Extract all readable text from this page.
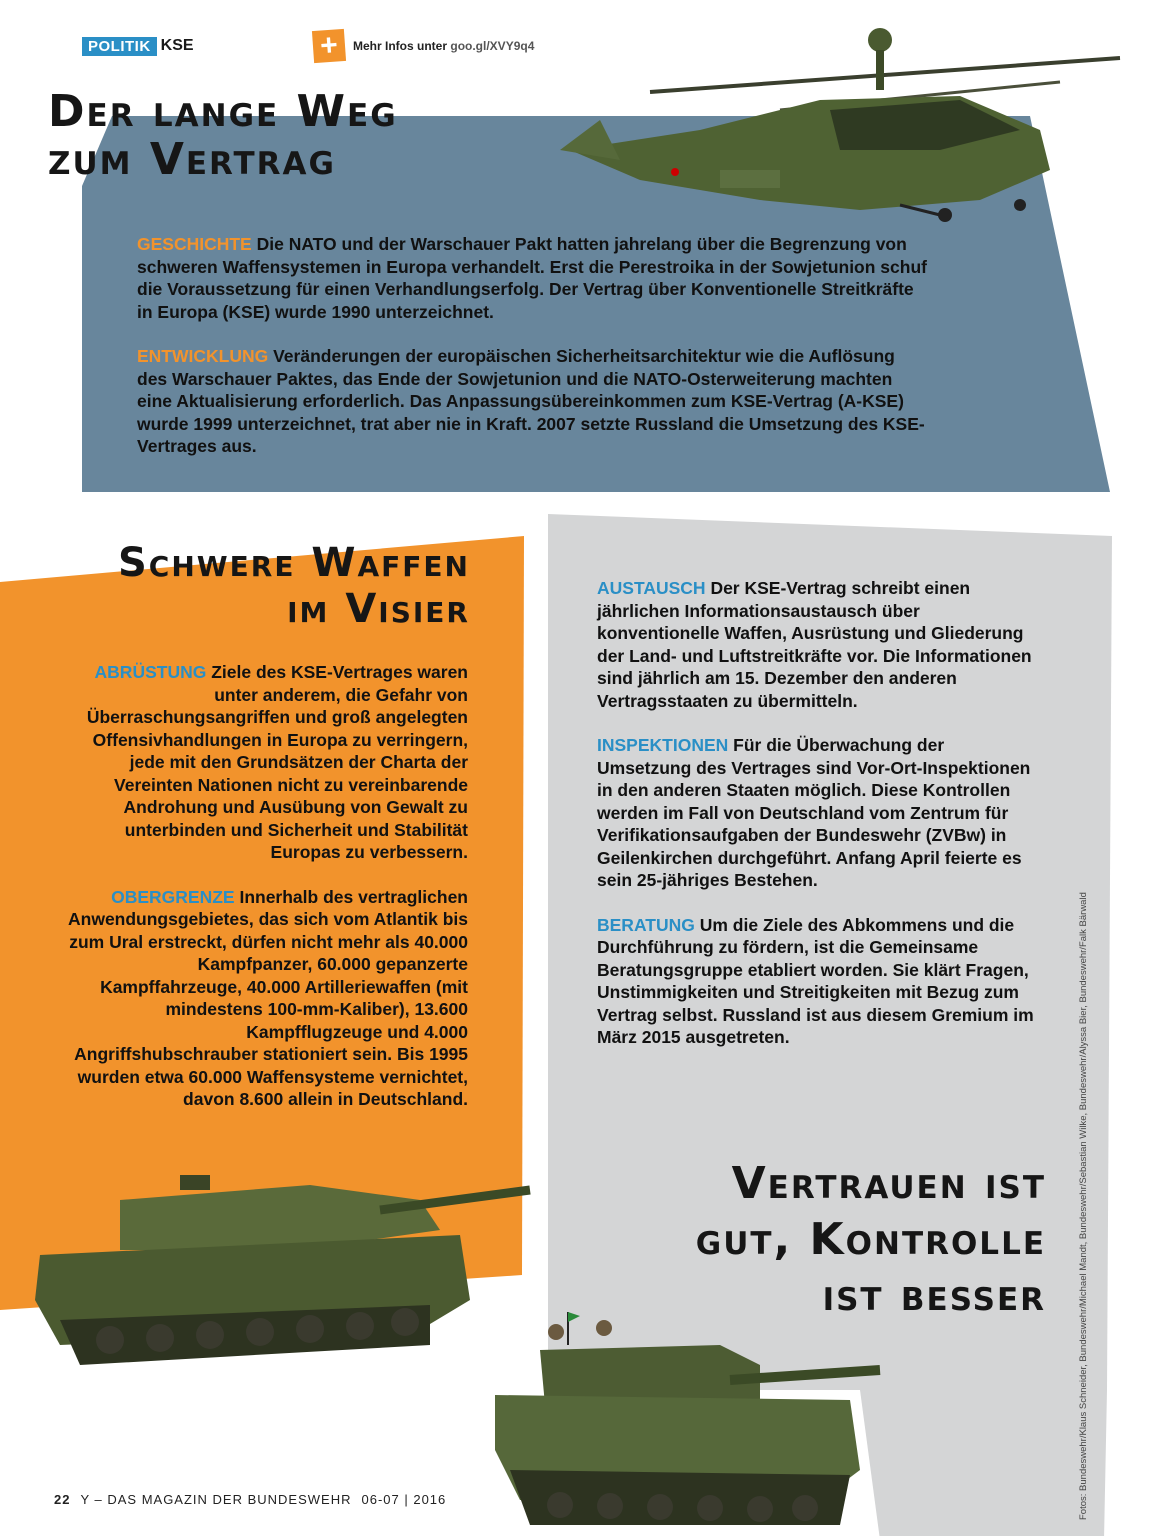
POLITIK KSE	+ Mehr Infos unter goo.gl/XVY9q4
Der lange Weg
zum Vertrag

GESCHICHTE Die NATO und der Warschauer Pakt hatten jahrelang über die Begrenzung von schweren Waffensystemen in Europa verhandelt. Erst die Perestroika in der Sowjetunion schuf die Voraussetzung für einen Verhandlungserfolg. Der Vertrag über Konventionelle Streitkräfte in Europa (KSE) wurde 1990 unterzeichnet.

ENTWICKLUNG Veränderungen der europäischen Sicherheitsarchitektur wie die Auflösung des Warschauer Paktes, das Ende der Sowjetunion und die NATO-Osterweiterung machten eine Aktualisierung erforderlich. Das Anpassungsübereinkommen zum KSE-Vertrag (A-KSE) wurde 1999 unterzeichnet, trat aber nie in Kraft. 2007 setzte Russland die Umsetzung des KSE-Vertrages aus.

Schwere Waffen
im Visier

ABRÜSTUNG Ziele des KSE-Vertrages waren unter anderem, die Gefahr von Überraschungsangriffen und groß angelegten Offensivhandlungen in Europa zu verringern, jede mit den Grundsätzen der Charta der Vereinten Nationen nicht zu vereinbarende Androhung und Ausübung von Gewalt zu unterbinden und Sicherheit und Stabilität Europas zu verbessern.

OBERGRENZE Innerhalb des vertraglichen Anwendungsgebietes, das sich vom Atlantik bis zum Ural erstreckt, dürfen nicht mehr als 40.000 Kampfpanzer, 60.000 gepanzerte Kampffahrzeuge, 40.000 Artilleriewaffen (mit mindestens 100-mm-Kaliber), 13.600 Kampfflugzeuge und 4.000 Angriffshubschrauber stationiert sein. Bis 1995 wurden etwa 60.000 Waffensysteme vernichtet, davon 8.600 allein in Deutschland.

AUSTAUSCH Der KSE-Vertrag schreibt einen jährlichen Informationsaustausch über konventionelle Waffen, Ausrüstung und Gliederung der Land- und Luftstreitkräfte vor. Die Informationen sind jährlich am 15. Dezember den anderen Vertragsstaaten zu übermitteln.

INSPEKTIONEN Für die Überwachung der Umsetzung des Vertrages sind Vor-Ort-Inspektionen in den anderen Staaten möglich. Diese Kontrollen werden im Fall von Deutschland vom Zentrum für Verifikationsaufgaben der Bundeswehr (ZVBw) in Geilenkirchen durchgeführt. Anfang April feierte es sein 25-jähriges Bestehen.

BERATUNG Um die Ziele des Abkommens und die Durchführung zu fördern, ist die Gemeinsame Beratungsgruppe etabliert worden. Sie klärt Fragen, Unstimmigkeiten und Streitigkeiten mit Bezug zum Vertrag selbst. Russland ist aus diesem Gremium im März 2015 ausgetreten.

Vertrauen ist
gut, Kontrolle
ist besser	Fotos: Bundeswehr/Klaus Schneider, Bundeswehr/Michael Mandt, Bundeswehr/Sebastian Wilke, Bundeswehr/Alyssa Bier, Bundeswehr/Falk Bärwald
22 Y – DAS MAGAZIN DER BUNDESWEHR 06-07 | 2016
